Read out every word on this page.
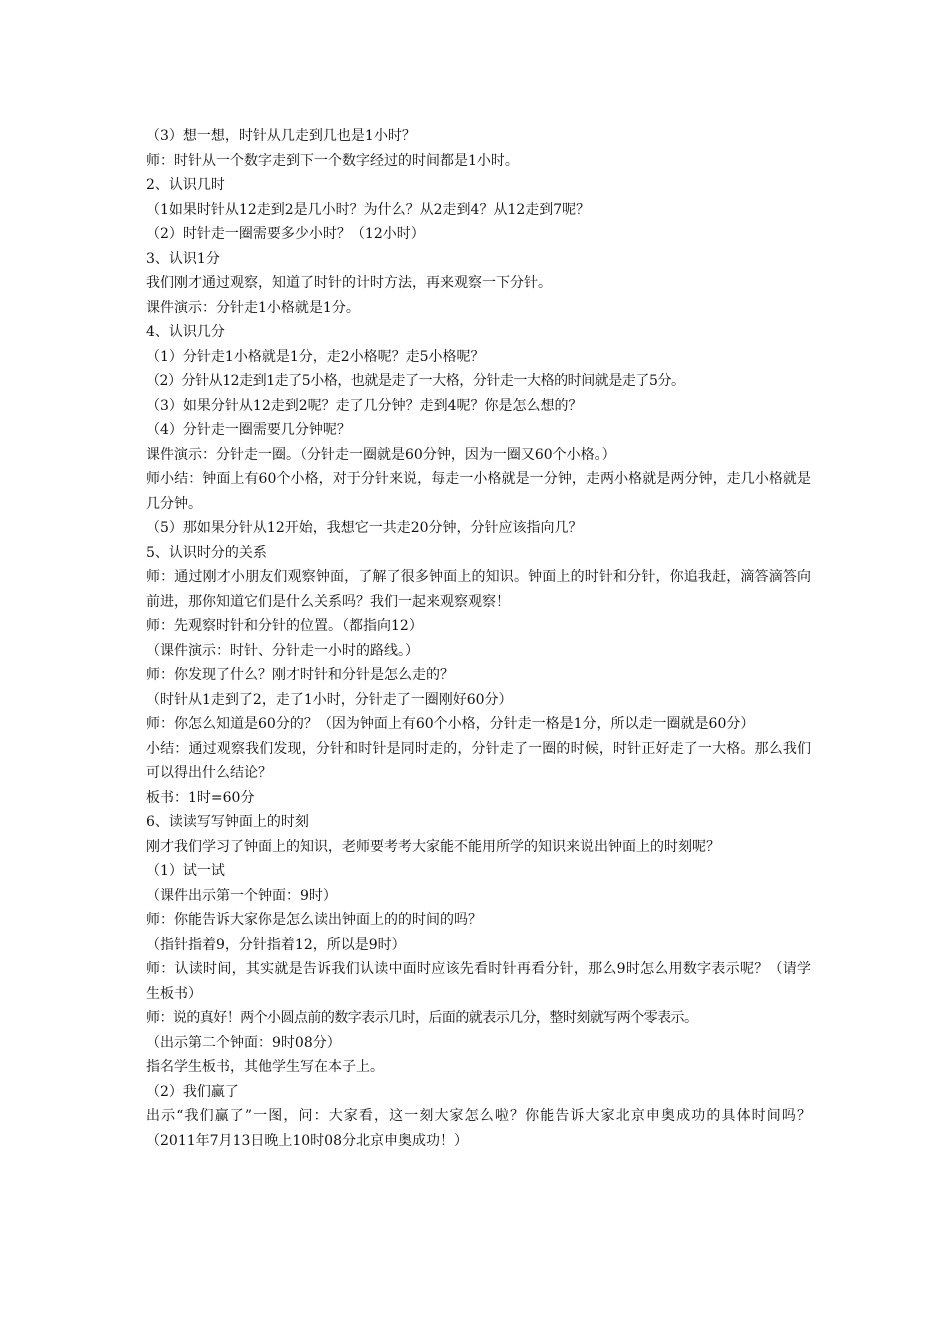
（3）想一想，时针从几走到几也是1小时？
师：时针从一个数字走到下一个数字经过的时间都是1小时。
2、认识几时
（1如果时针从12走到2是几小时？为什么？从2走到4？从12走到7呢？
（2）时针走一圈需要多少小时？（12小时）
3、认识1分
我们刚才通过观察，知道了时针的计时方法，再来观察一下分针。
课件演示：分针走1小格就是1分。
4、认识几分
（1）分针走1小格就是1分，走2小格呢？走5小格呢？
（2）分针从12走到1走了5小格，也就是走了一大格，分针走一大格的时间就是走了5分。
（3）如果分针从12走到2呢？走了几分钟？走到4呢？你是怎么想的？
（4）分针走一圈需要几分钟呢？
课件演示：分针走一圈。（分针走一圈就是60分钟，因为一圈又60个小格。）
师小结：钟面上有60个小格，对于分针来说，每走一小格就是一分钟，走两小格就是两分钟，走几小格就是几分钟。
（5）那如果分针从12开始，我想它一共走20分钟，分针应该指向几？
5、认识时分的关系
师：通过刚才小朋友们观察钟面，了解了很多钟面上的知识。钟面上的时针和分针，你追我赶，滴答滴答向前进，那你知道它们是什么关系吗？我们一起来观察观察！
师：先观察时针和分针的位置。（都指向12）
（课件演示：时针、分针走一小时的路线。）
师：你发现了什么？刚才时针和分针是怎么走的？
（时针从1走到了2，走了1小时，分针走了一圈刚好60分）
师：你怎么知道是60分的？（因为钟面上有60个小格，分针走一格是1分，所以走一圈就是60分）
小结：通过观察我们发现，分针和时针是同时走的，分针走了一圈的时候，时针正好走了一大格。那么我们可以得出什么结论？
板书：1时=60分
6、读读写写钟面上的时刻
刚才我们学习了钟面上的知识，老师要考考大家能不能用所学的知识来说出钟面上的时刻呢？
（1）试一试
（课件出示第一个钟面：9时）
师：你能告诉大家你是怎么读出钟面上的的时间的吗？
（指针指着9，分针指着12，所以是9时）
师：认读时间，其实就是告诉我们认读中面时应该先看时针再看分针，那么9时怎么用数字表示呢？（请学生板书）
师：说的真好！两个小圆点前的数字表示几时，后面的就表示几分，整时刻就写两个零表示。
（出示第二个钟面：9时08分）
指名学生板书，其他学生写在本子上。
（2）我们赢了
出示“我们赢了”一图，问：大家看，这一刻大家怎么啦？你能告诉大家北京申奥成功的具体时间吗？（2011年7月13日晚上10时08分北京申奥成功！）
